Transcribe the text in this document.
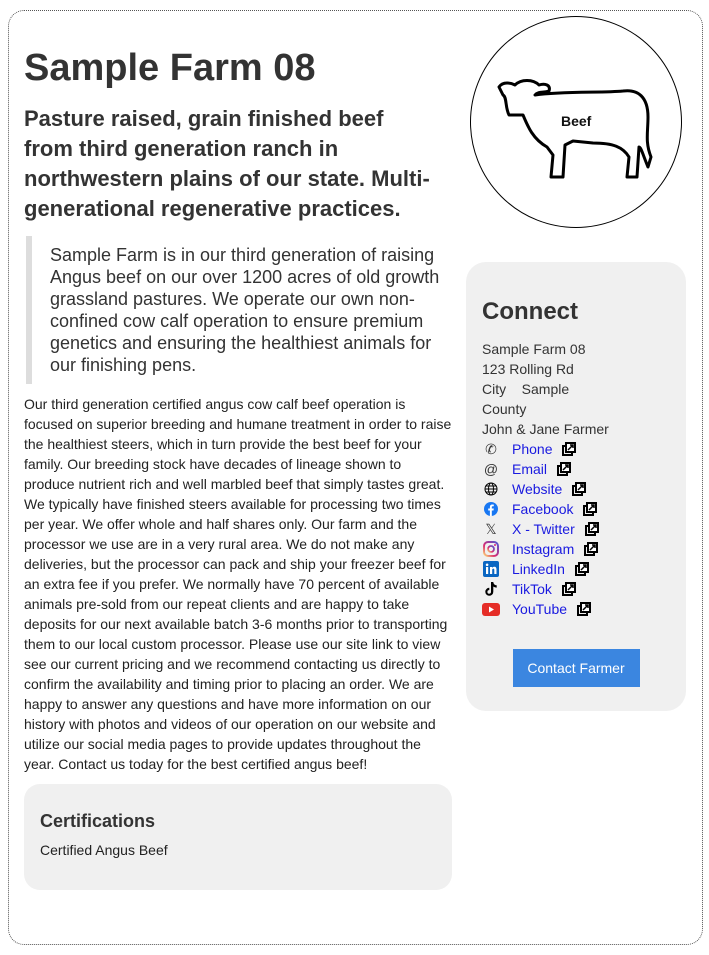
Sample Farm 08
Pasture raised, grain finished beef from third generation ranch in northwestern plains of our state. Multi-generational regenerative practices.
Sample Farm is in our third generation of raising Angus beef on our over 1200 acres of old growth grassland pastures. We operate our own non-confined cow calf operation to ensure premium genetics and ensuring the healthiest animals for our finishing pens.
Our third generation certified angus cow calf beef operation is focused on superior breeding and humane treatment in order to raise the healthiest steers, which in turn provide the best beef for your family. Our breeding stock have decades of lineage shown to produce nutrient rich and well marbled beef that simply tastes great. We typically have finished steers available for processing two times per year. We offer whole and half shares only. Our farm and the processor we use are in a very rural area. We do not make any deliveries, but the processor can pack and ship your freezer beef for an extra fee if you prefer. We normally have 70 percent of available animals pre-sold from our repeat clients and are happy to take deposits for our next available batch 3-6 months prior to transporting them to our local custom processor. Please use our site link to view see our current pricing and we recommend contacting us directly to confirm the availability and timing prior to placing an order. We are happy to answer any questions and have more information on our history with photos and videos of our operation on our website and utilize our social media pages to provide updates throughout the year. Contact us today for the best certified angus beef!
Certifications

Certified Angus Beef

Beef
Connect
Sample Farm 08
123 Rolling Rd
City    Sample
County
John & Jane Farmer
✆ Phone
@ Email
Website
Facebook
𝕏 X - Twitter
Instagram
LinkedIn
TikTok
YouTube
Contact Farmer
